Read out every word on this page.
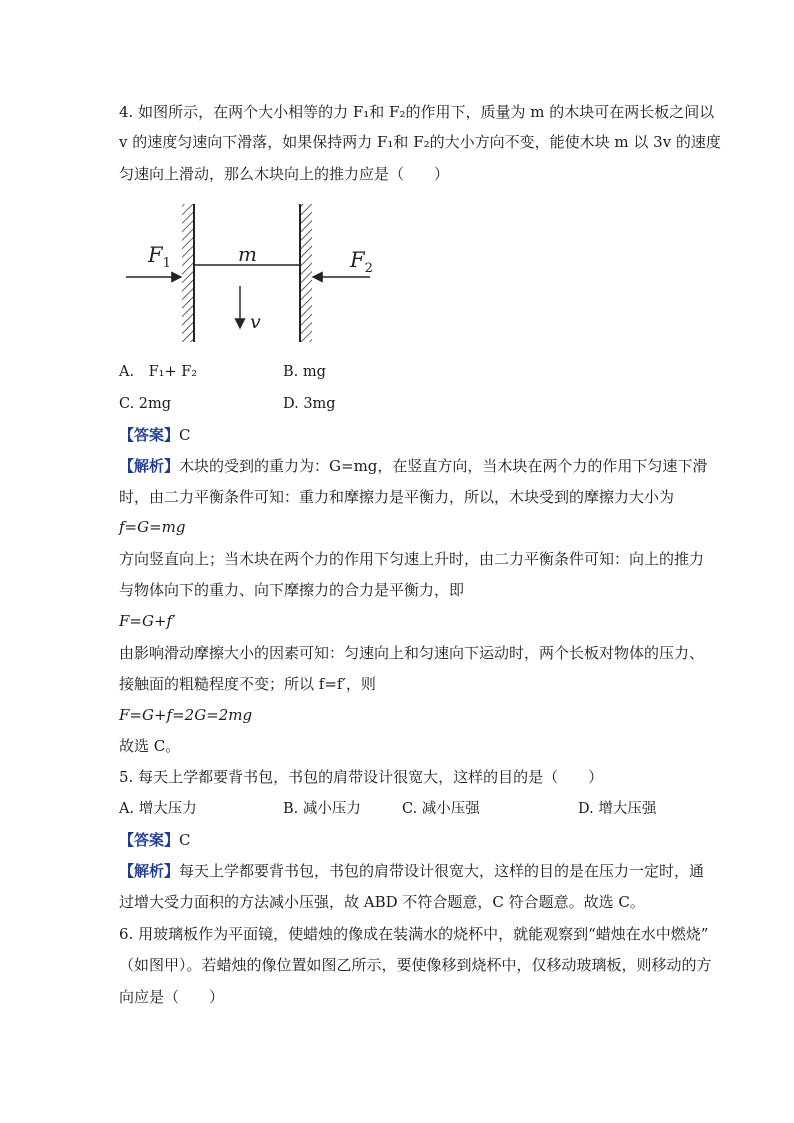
4. 如图所示，在两个大小相等的力 F₁和 F₂的作用下，质量为 m 的木块可在两长板之间以
v 的速度匀速向下滑落，如果保持两力 F₁和 F₂的大小方向不变，能使木块 m 以 3v 的速度
匀速向上滑动，那么木块向上的推力应是（　　）
$F_1$	m	$F_2$
v
A.　F₁+ F₂	B. mg
C. 2mg	D. 3mg
【答案】C
【解析】木块的受到的重力为：G=mg，在竖直方向，当木块在两个力的作用下匀速下滑
时，由二力平衡条件可知：重力和摩擦力是平衡力，所以，木块受到的摩擦力大小为
f=G=mg
方向竖直向上；当木块在两个力的作用下匀速上升时，由二力平衡条件可知：向上的推力
与物体向下的重力、向下摩擦力的合力是平衡力，即
F=G+f′
由影响滑动摩擦大小的因素可知：匀速向上和匀速向下运动时，两个长板对物体的压力、
接触面的粗糙程度不变；所以 f=f′，则
F=G+f=2G=2mg
故选 C。
5. 每天上学都要背书包，书包的肩带设计很宽大，这样的目的是（　　）
A. 增大压力	B. 减小压力	C. 减小压强	D. 增大压强
【答案】C
【解析】每天上学都要背书包，书包的肩带设计很宽大，这样的目的是在压力一定时，通
过增大受力面积的方法减小压强，故 ABD 不符合题意，C 符合题意。故选 C。
6. 用玻璃板作为平面镜，使蜡烛的像成在装满水的烧杯中，就能观察到“蜡烛在水中燃烧”
（如图甲）。若蜡烛的像位置如图乙所示，要使像移到烧杯中，仅移动玻璃板，则移动的方
向应是（　　）
